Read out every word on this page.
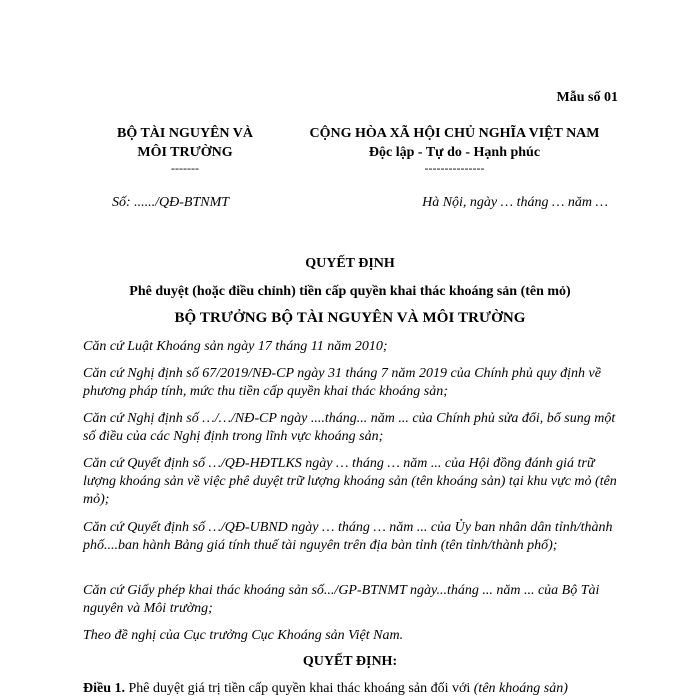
Mẫu số 01
BỘ TÀI NGUYÊN VÀ
MÔI TRƯỜNG
-------
CỘNG HÒA XÃ HỘI CHỦ NGHĨA VIỆT NAM
Độc lập - Tự do - Hạnh phúc
---------------
Số: ....../QĐ-BTNMT	Hà Nội, ngày … tháng … năm …
QUYẾT ĐỊNH
Phê duyệt (hoặc điều chỉnh) tiền cấp quyền khai thác khoáng sản (tên mỏ)
BỘ TRƯỞNG BỘ TÀI NGUYÊN VÀ MÔI TRƯỜNG
Căn cứ Luật Khoáng sản ngày 17 tháng 11 năm 2010;
Căn cứ Nghị định số 67/2019/NĐ-CP ngày 31 tháng 7 năm 2019 của Chính phủ quy định về phương pháp tính, mức thu tiền cấp quyền khai thác khoáng sản;
Căn cứ Nghị định số …/…/NĐ-CP ngày ....tháng... năm ... của Chính phủ sửa đổi, bổ sung một số điều của các Nghị định trong lĩnh vực khoáng sản;
Căn cứ Quyết định số …/QĐ-HĐTLKS ngày … tháng … năm ... của Hội đồng đánh giá trữ lượng khoáng sản về việc phê duyệt trữ lượng khoáng sản (tên khoáng sản) tại khu vực mỏ (tên mỏ);
Căn cứ Quyết định số …/QĐ-UBND ngày … tháng … năm ... của Ủy ban nhân dân tỉnh/thành phố....ban hành Bảng giá tính thuế tài nguyên trên địa bàn tỉnh (tên tỉnh/thành phố);
Căn cứ Giấy phép khai thác khoáng sản số.../GP-BTNMT ngày...tháng ... năm ... của Bộ Tài nguyên và Môi trường;
Theo đề nghị của Cục trưởng Cục Khoáng sản Việt Nam.
QUYẾT ĐỊNH:
Điều 1. Phê duyệt giá trị tiền cấp quyền khai thác khoáng sản đối với (tên khoáng sản)
